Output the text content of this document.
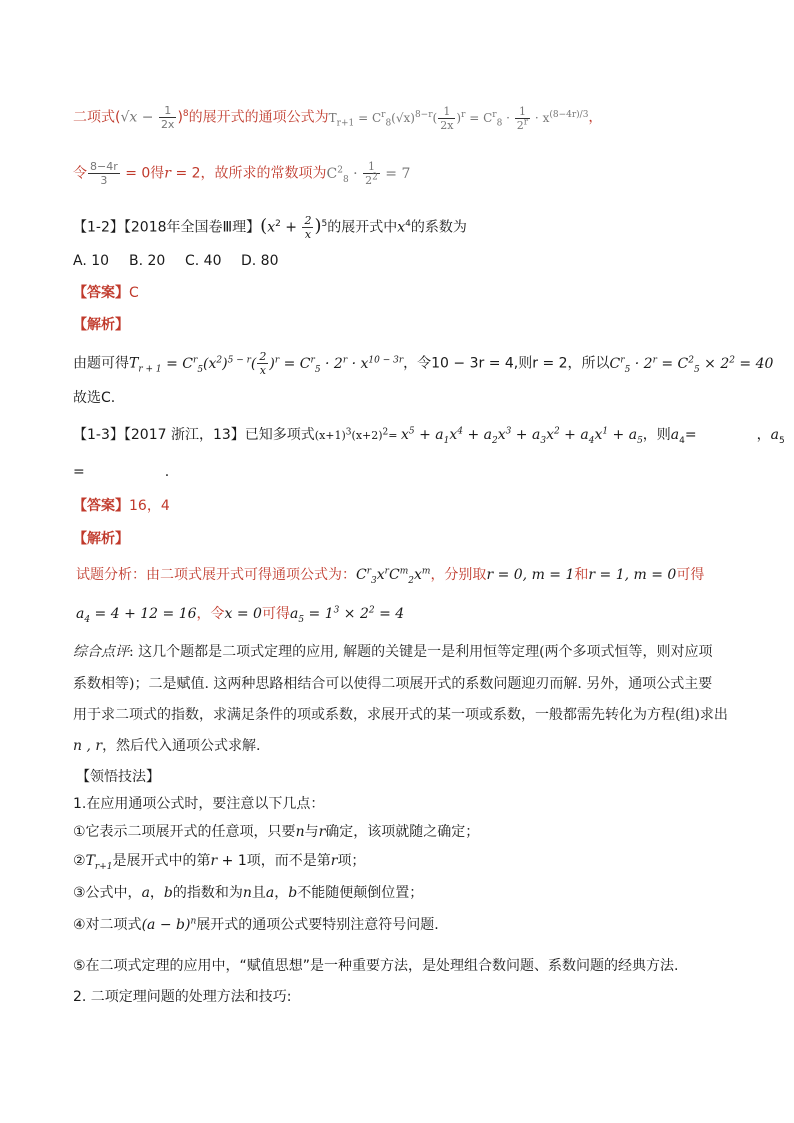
二项式$(√x - \frac{1}{2x} )^8$的展开式的通项公式为$T_{r+1} = C^r_8(√x)^{8-r}( \frac{1}{2x} )^r = C^r_8 \cdot \frac{1}{2^r} \cdot x^{(8-4r)/3}$，
令 $\frac{8-4r}{3} = 0$得r = 2，故所求的常数项为$C^2_8 \cdot \frac{1}{2^2} = 7$
【1-2】【2018年全国卷Ⅲ理】$(x^2 + \frac{2}{x} )^5$的展开式中$x^4$的系数为
A. 10 B. 20 C. 40 D. 80
【答案】C
【解析】
由题可得$T_{r + 1} = C^r_5(x^2)^{5 - r}( \frac{2}{x} )^r = C^r_5 \cdot 2^r \cdot x^{10 - 3r}$，令10 − 3r = 4,则r = 2，所以$C^r_5 \cdot 2^r = C^2_5 \times 2^2 = 40$
故选C.
【1-3】【2017 浙江，13】已知多项式$(x+1)^3(x+2)^2= x^5 + a_1x^4 + a_2x^3 + a_3x^2 + a_4x^1 + a_5$，则$a_4=$	，$a_5$
=	.
【答案】16，4
【解析】
试题分析：由二项式展开式可得通项公式为：$C^r_3x^rC^m_2x^m$，分别取r = 0, m = 1和r = 1, m = 0可得
$a_4 = 4 + 12 = 16$，令x = 0可得$a_5 = 1^3 \times 2^2 = 4$
综合点评: 这几个题都是二项式定理的应用, 解题的关键是一是利用恒等定理(两个多项式恒等，则对应项
系数相等)；二是赋值. 这两种思路相结合可以使得二项展开式的系数问题迎刃而解. 另外，通项公式主要
用于求二项式的指数，求满足条件的项或系数，求展开式的某一项或系数，一般都需先转化为方程(组)求出
n , r，然后代入通项公式求解.
【领悟技法】
1.在应用通项公式时，要注意以下几点：
①它表示二项展开式的任意项，只要n与r确定，该项就随之确定；
$②T_{r+1}$是展开式中的第r + 1项，而不是第r项；
③公式中，a，b的指数和为n且a，b不能随便颠倒位置；
④对二项式$(a - b)^n$展开式的通项公式要特别注意符号问题.
⑤在二项式定理的应用中，“赋值思想”是一种重要方法，是处理组合数问题、系数问题的经典方法.
2. 二项定理问题的处理方法和技巧:
